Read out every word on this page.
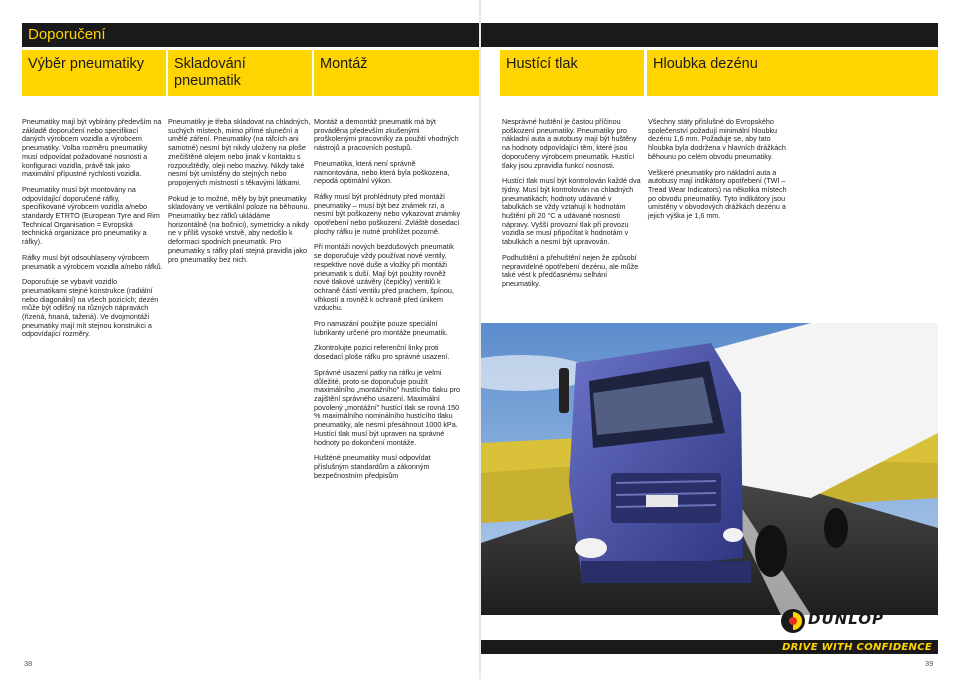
Doporučení
Výběr pneumatiky

Pneumatiky mají být vybírány především na základě doporučení nebo specifikací daných výrobcem vozidla a výrobcem pneumatiky. Volba rozměru pneumatiky musí odpovídat požadované nosnosti a konfiguraci vozidla, právě tak jako maximální přípustné rychlosti vozidla.

Pneumatiky musí být montovány na odpovídající doporučené ráfky, specifikované výrobcem vozidla a/nebo standardy ETRTO (European Tyre and Rim Technical Organisation = Evropská technická organizace pro pneumatiky a ráfky).

Ráfky musí být odsouhlaseny výrobcem pneumatik a výrobcem vozidla a/nebo ráfků.

Doporučuje se vybavit vozidlo pneumatikami stejné konstrukce (radiální nebo diagonální) na všech pozicích; dezén může být odlišný na různých nápravách (řízená, hnaná, tažená). Ve dvojmontáži pneumatiky mají mít stejnou konstrukci a odpovídající rozměry.

Skladování pneumatik

Pneumatiky je třeba skladovat na chladných, suchých místech, mimo přímé sluneční a umělé záření. Pneumatiky (na ráfcích ani samotné) nesmí být nikdy uloženy na ploše znečištěné olejem nebo jinak v kontaktu s rozpouštědly, oleji nebo mazivy. Nikdy také nesmí být umístěny do stejných nebo propojených místností s těkavými látkami.

Pokud je to možné, měly by být pneumatiky skladovány ve vertikální poloze na běhounu. Pneumatiky bez ráfků ukládáme horizontálně (na bočnici), symetricky a nikdy ne v příliš vysoké vrstvě, aby nedošlo k deformaci spodních pneumatik. Pro pneumatiky s ráfky platí stejná pravidla jako pro pneumatiky bez nich.

Montáž

Montáž a demontáž pneumatik má být prováděna především zkušenými proškolenými pracovníky za použití vhodných nástrojů a pracovních postupů.

Pneumatika, která není správně namontována, nebo která byla poškozena, nepodá optimální výkon.

Ráfky musí být prohlédnuty před montáží pneumatiky – musí být bez známek rzi, a nesmí být poškozeny nebo vykazovat známky opotřebení nebo poškození. Zvláště dosedací plochy ráfku je nutné prohlížet pozorně.

Při montáži nových bezdušových pneumatik se doporučuje vždy používat nové ventily, respektive nové duše a vložky při montáži pneumatik s duší. Mají být použity rovněž nové tlakové uzávěry (čepičky) ventilů k ochraně částí ventilu před prachem, špínou, vlhkostí a rovněž k ochraně před únikem vzduchu.

Pro namazání použijte pouze speciální lubrikanty určené pro montáže pneumatik.

Zkontrolujte pozici referenční linky proti dosedací ploše ráfku pro správné usazení.

Správné usazení patky na ráfku je velmi důležité, proto se doporučuje použít maximálního „montážního" hustícího tlaku pro zajištění správného usazení. Maximální povolený „montážní" hustící tlak se rovná 150 % maximálního nominálního hustícího tlaku pneumatiky, ale nesmí přesáhnout 1000 kPa. Hustící tlak musí být upraven na správné hodnoty po dokončení montáže.

Hušténé pneumatiky musí odpovídat příslušným standardům a zákonným bezpečnostním předpisům

Hustící tlak

Nesprávné huštění je častou příčinou poškození pneumatiky. Pneumatiky pro nákladní auta a autobusy mají být huštěny na hodnoty odpovídající těm, které jsou doporučeny výrobcem pneumatik. Hustící tlaky jsou zpravidla funkcí nosnosti.

Hustící tlak musí být kontrolován každé dva týdny. Musí být kontrolován na chladných pneumatikách; hodnoty udávané v tabulkách se vždy vztahují k hodnotám huštění při 20 °C a udávané nosnosti nápravy. Vyšší provozní tlak při provozu vozidla se musí připočítat k hodnotám v tabulkách a nesmí být upravován.

Podhuštění a přehuštění nejen že způsobí nepravidelné opotřebení dezénu, ale může také vést k předčasnému selhání pneumatiky.

Hloubka dezénu

Všechny státy příslušné do Evropského společenství požadují minimální hloubku dezénu 1,6 mm. Požaduje se, aby tato hloubka byla dodržena v hlavních drážkách běhounu po celém obvodu pneumatiky.

Veškeré pneumatiky pro nákladní auta a autobusy mají indikátory opotřebení (TWI –Tread Wear Indicators) na několika místech po obvodu pneumatiky. Tyto indikátory jsou umístěny v obvodových drážkách dezénu a jejich výška je 1,6 mm.

DUNLOP
DRIVE WITH CONFIDENCE
38	39
